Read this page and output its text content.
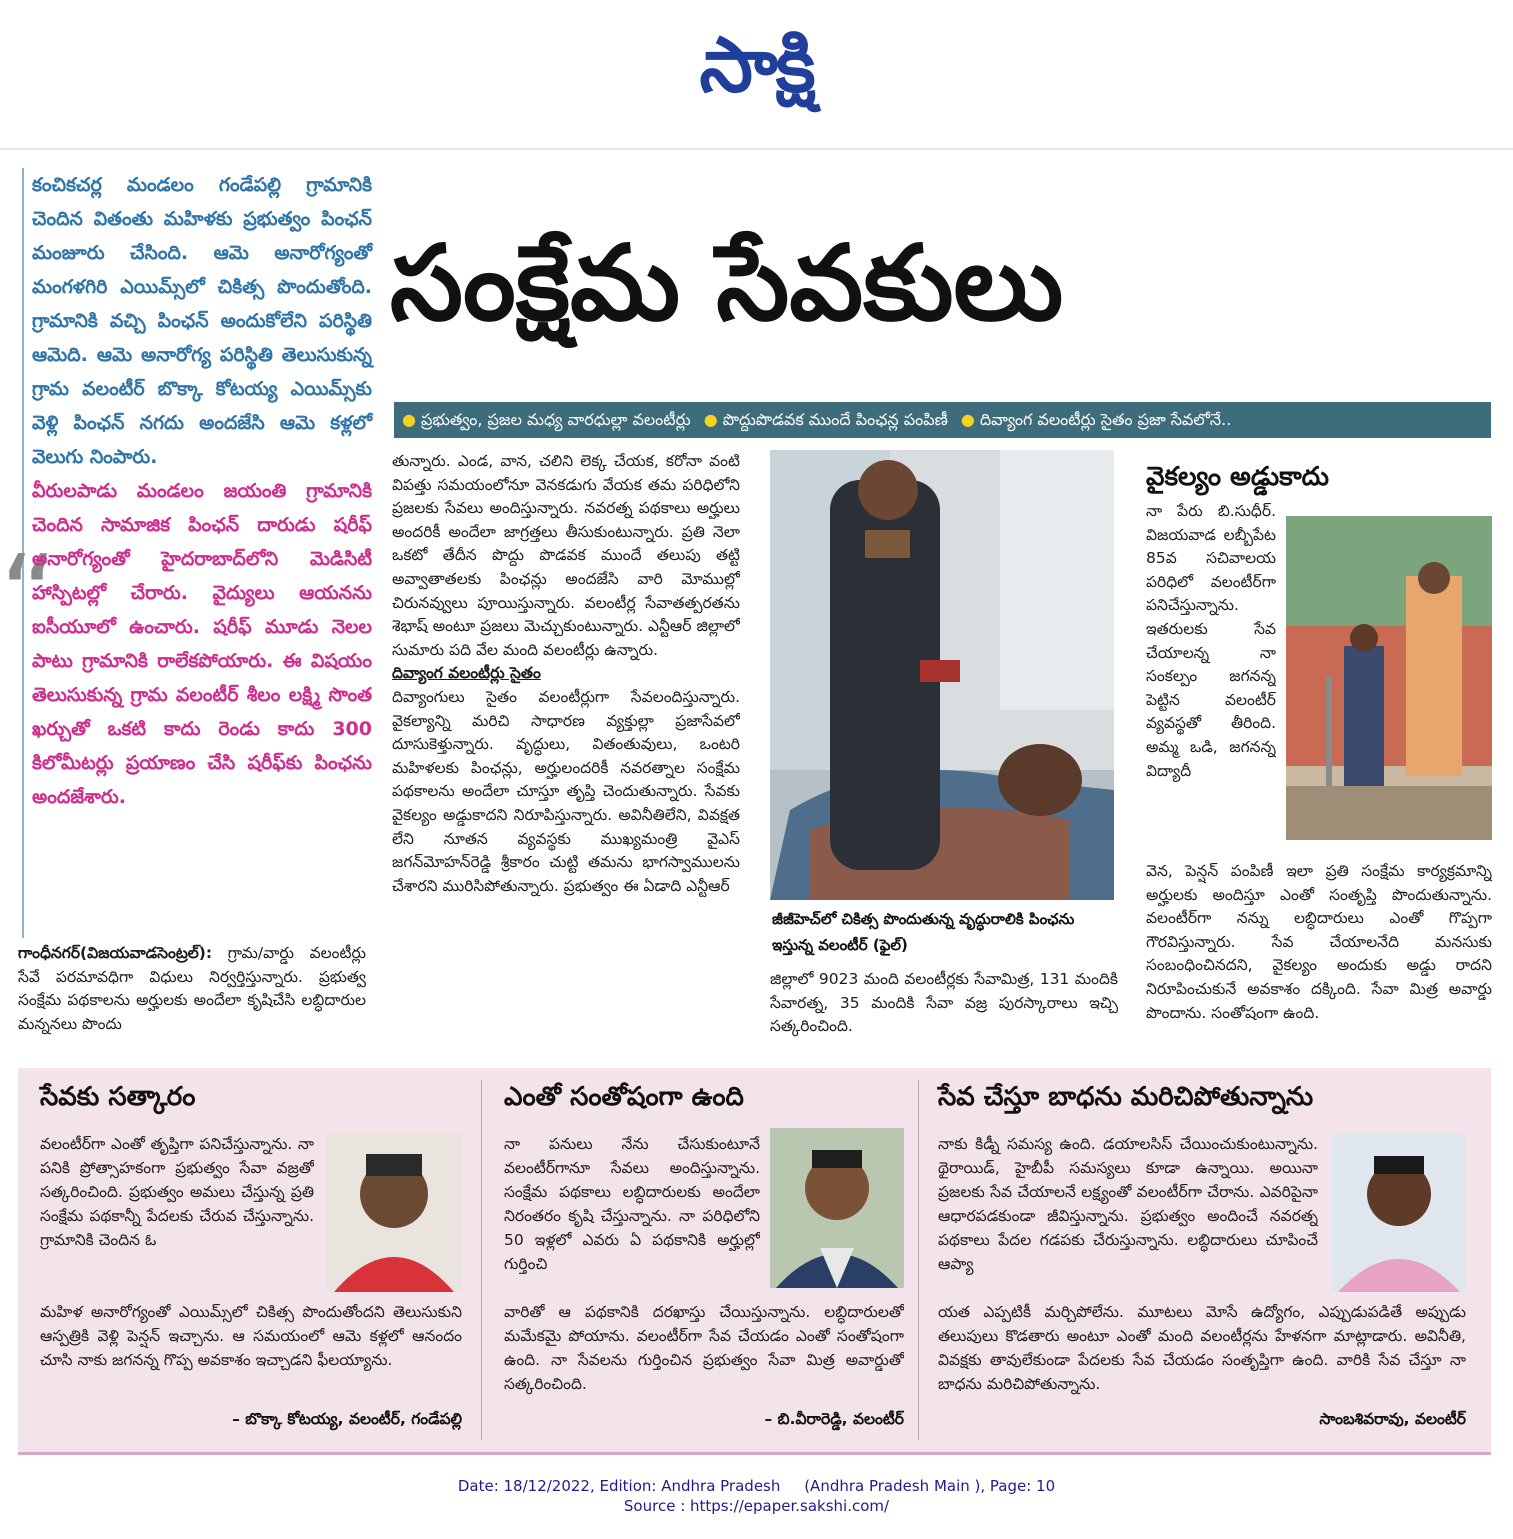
సాక్షి
“

కంచికచర్ల మండలం గండేపల్లి గ్రామానికి చెందిన వితంతు మహిళకు ప్రభుత్వం పింఛన్ మంజూరు చేసింది. ఆమె అనారోగ్యంతో మంగళగిరి ఎయిమ్స్‌లో చికిత్స పొందుతోంది. గ్రామానికి వచ్చి పింఛన్ అందుకోలేని పరిస్థితి ఆమెది. ఆమె అనారోగ్య పరిస్థితి తెలుసుకున్న గ్రామ వలంటీర్ బొక్కా కోటయ్య ఎయిమ్స్‌కు వెళ్లి పింఛన్ నగదు అందజేసి ఆమె కళ్లలో వెలుగు నింపారు.

వీరులపాడు మండలం జయంతి గ్రామానికి చెందిన సామాజిక పింఛన్ దారుడు షరీఫ్ అనారోగ్యంతో హైదరాబాద్‌లోని మెడిసిటీ హాస్పిటల్లో చేరారు. వైద్యులు ఆయనను ఐసీయూలో ఉంచారు. షరీఫ్ మూడు నెలల పాటు గ్రామానికి రాలేకపోయారు. ఈ విషయం తెలుసుకున్న గ్రామ వలంటీర్ శీలం లక్ష్మి సొంత ఖర్చుతో ఒకటి కాదు రెండు కాదు 300 కిలోమీటర్లు ప్రయాణం చేసి షరీఫ్‌కు పింఛను అందజేశారు.

సంక్షేమ సేవకులు
● ప్రభుత్వం, ప్రజల మధ్య వారధుల్లా వలంటీర్లు ● పొద్దుపొడవక ముందే పింఛన్ల పంపిణీ ● దివ్యాంగ వలంటీర్లు సైతం ప్రజా సేవలోనే..
గాంధీనగర్(విజయవాడసెంట్రల్): గ్రామ/వార్డు వలంటీర్లు సేవే పరమావధిగా విధులు నిర్వర్తిస్తున్నారు. ప్రభుత్వ సంక్షేమ పథకాలను అర్హులకు అందేలా కృషిచేసి లబ్ధిదారుల మన్ననలు పొందు

తున్నారు. ఎండ, వాన, చలిని లెక్క చేయక, కరోనా వంటి విపత్తు సమయంలోనూ వెనకడుగు వేయక తమ పరిధిలోని ప్రజలకు సేవలు అందిస్తున్నారు. నవరత్న పథకాలు అర్హులు అందరికీ అందేలా జాగ్రత్తలు తీసుకుంటున్నారు. ప్రతి నెలా ఒకటో తేదీన పొద్దు పొడవక ముందే తలుపు తట్టి అవ్వాతాతలకు పింఛన్లు అందజేసి వారి మోముల్లో చిరునవ్వులు పూయిస్తున్నారు. వలంటీర్ల సేవాతత్పరతను శెభాష్ అంటూ ప్రజలు మెచ్చుకుంటున్నారు. ఎన్టీఆర్ జిల్లాలో సుమారు పది వేల మంది వలంటీర్లు ఉన్నారు.

దివ్యాంగ వలంటీర్లు సైతం

దివ్యాంగులు సైతం వలంటీర్లుగా సేవలందిస్తున్నారు. వైకల్యాన్ని మరిచి సాధారణ వ్యక్తుల్లా ప్రజాసేవలో దూసుకెళ్తున్నారు. వృద్ధులు, వితంతువులు, ఒంటరి మహిళలకు పింఛన్లు, అర్హులందరికీ నవరత్నాల సంక్షేమ పథకాలను అందేలా చూస్తూ తృప్తి చెందుతున్నారు. సేవకు వైకల్యం అడ్డుకాదని నిరూపిస్తున్నారు. అవినీతిలేని, వివక్షత లేని నూతన వ్యవస్థకు ముఖ్యమంత్రి వైఎస్ జగన్‌మోహన్‌రెడ్డి శ్రీకారం చుట్టి తమను భాగస్వాములను చేశారని మురిసిపోతున్నారు. ప్రభుత్వం ఈ ఏడాది ఎన్టీఆర్

జీజీహెచ్‌లో చికిత్స పొందుతున్న వృద్ధురాలికి పింఛను ఇస్తున్న వలంటీర్ (ఫైల్)
జిల్లాలో 9023 మంది వలంటీర్లకు సేవామిత్ర, 131 మందికి సేవారత్న, 35 మందికి సేవా వజ్ర పురస్కారాలు ఇచ్చి సత్కరించింది.
వైకల్యం అడ్డుకాదు
నా పేరు బి.సుధీర్. విజయవాడ లబ్బీపేట 85వ సచివాలయ పరిధిలో వలంటీర్‌గా పనిచేస్తున్నాను. ఇతరులకు సేవ చేయాలన్న నా సంకల్పం జగనన్న పెట్టిన వలంటీర్ వ్యవస్థతో తీరింది. అమ్మ ఒడి, జగనన్న విద్యాదీ
వెన, పెన్షన్ పంపిణీ ఇలా ప్రతి సంక్షేమ కార్యక్రమాన్ని అర్హులకు అందిస్తూ ఎంతో సంతృప్తి పొందుతున్నాను. వలంటీర్‌గా నన్ను లబ్ధిదారులు ఎంతో గొప్పగా గౌరవిస్తున్నారు. సేవ చేయాలనేది మనసుకు సంబంధించినదని, వైకల్యం అందుకు అడ్డు రాదని నిరూపించుకునే అవకాశం దక్కింది. సేవా మిత్ర అవార్డు పొందాను. సంతోషంగా ఉంది.
సేవకు సత్కారం
వలంటీర్‌గా ఎంతో తృప్తిగా పనిచేస్తున్నాను. నా పనికి ప్రోత్సాహకంగా ప్రభుత్వం సేవా వజ్రతో సత్కరించింది. ప్రభుత్వం అమలు చేస్తున్న ప్రతి సంక్షేమ పథకాన్నీ పేదలకు చేరువ చేస్తున్నాను. గ్రామానికి చెందిన ఓ
మహిళ అనారోగ్యంతో ఎయిమ్స్‌లో చికిత్స పొందుతోందని తెలుసుకుని ఆస్పత్రికి వెళ్లి పెన్షన్ ఇచ్చాను. ఆ సమయంలో ఆమె కళ్లలో ఆనందం చూసి నాకు జగనన్న గొప్ప అవకాశం ఇచ్చాడని ఫీలయ్యాను.
– బొక్కా కోటయ్య, వలంటీర్, గండేపల్లి
ఎంతో సంతోషంగా ఉంది
నా పనులు నేను చేసుకుంటూనే వలంటీర్‌గానూ సేవలు అందిస్తున్నాను. సంక్షేమ పథకాలు లబ్ధిదారులకు అందేలా నిరంతరం కృషి చేస్తున్నాను. నా పరిధిలోని 50 ఇళ్లలో ఎవరు ఏ పథకానికి అర్హుల్లో గుర్తించి
వారితో ఆ పథకానికి దరఖాస్తు చేయిస్తున్నాను. లబ్ధిదారులతో మమేకమై పోయాను. వలంటీర్‌గా సేవ చేయడం ఎంతో సంతోషంగా ఉంది. నా సేవలను గుర్తించిన ప్రభుత్వం సేవా మిత్ర అవార్డుతో సత్కరించింది.
– బి.వీరారెడ్డి, వలంటీర్
సేవ చేస్తూ బాధను మరిచిపోతున్నాను
నాకు కిడ్నీ సమస్య ఉంది. డయాలసిస్ చేయించుకుంటున్నాను. థైరాయిడ్, హైబీపీ సమస్యలు కూడా ఉన్నాయి. అయినా ప్రజలకు సేవ చేయాలనే లక్ష్యంతో వలంటీర్‌గా చేరాను. ఎవరిపైనా ఆధారపడకుండా జీవిస్తున్నాను. ప్రభుత్వం అందించే నవరత్న పథకాలు పేదల గడపకు చేరుస్తున్నాను. లబ్ధిదారులు చూపించే ఆప్యా
యత ఎప్పటికీ మర్చిపోలేను. మూటలు మోసే ఉద్యోగం, ఎప్పుడుపడితే అప్పుడు తలుపులు కొడతారు అంటూ ఎంతో మంది వలంటీర్లను హేళనగా మాట్లాడారు. అవినీతి, వివక్షకు తావులేకుండా పేదలకు సేవ చేయడం సంతృప్తిగా ఉంది. వారికి సేవ చేస్తూ నా బాధను మరిచిపోతున్నాను.
సాంబశివరావు, వలంటీర్
Date: 18/12/2022, Edition: Andhra Pradesh     (Andhra Pradesh Main ), Page: 10
Source : https://epaper.sakshi.com/
